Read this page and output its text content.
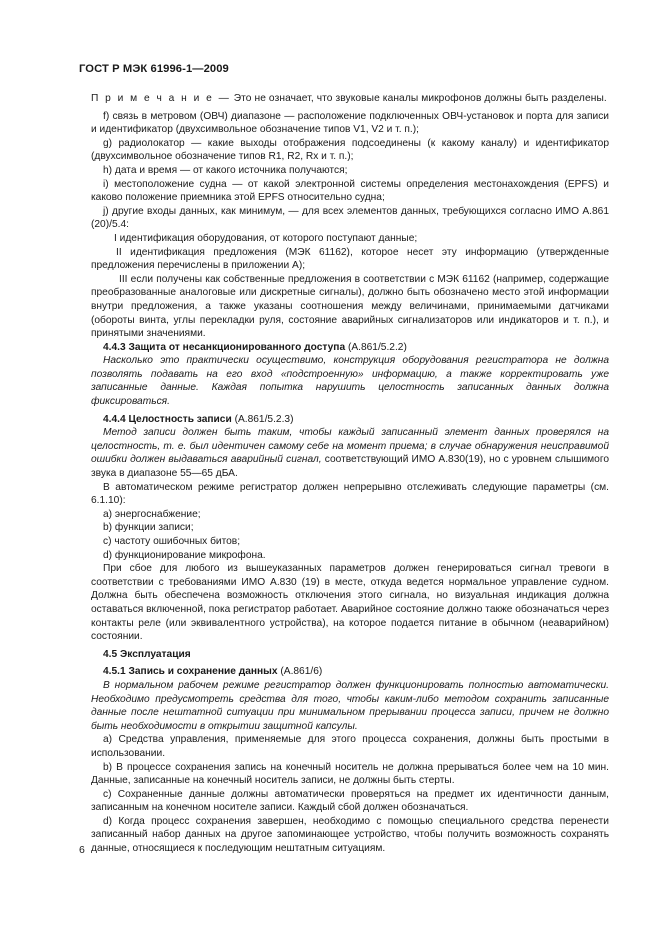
ГОСТ Р МЭК 61996-1—2009

П р и м е ч а н и е — Это не означает, что звуковые каналы микрофонов должны быть разделены.

f) связь в метровом (ОВЧ) диапазоне — расположение подключенных ОВЧ-установок и порта для записи и идентификатор (двухсимвольное обозначение типов V1, V2 и т. п.);

g) радиолокатор — какие выходы отображения подсоединены (к какому каналу) и идентификатор (двухсимвольное обозначение типов R1, R2, Rx и т. п.);

h) дата и время — от какого источника получаются;

i) местоположение судна — от какой электронной системы определения местонахождения (EPFS) и каково положение приемника этой EPFS относительно судна;

j) другие входы данных, как минимум, — для всех элементов данных, требующихся согласно ИМО А.861 (20)/5.4:

I идентификация оборудования, от которого поступают данные;

II идентификация предложения (МЭК 61162), которое несет эту информацию (утвержденные предложения перечислены в приложении А);

III если получены как собственные предложения в соответствии с МЭК 61162 (например, содержащие преобразованные аналоговые или дискретные сигналы), должно быть обозначено место этой информации внутри предложения, а также указаны соотношения между величинами, принимаемыми датчиками (обороты винта, углы перекладки руля, состояние аварийных сигнализаторов или индикаторов и т. п.), и принятыми значениями.

4.4.3 Защита от несанкционированного доступа (А.861/5.2.2)

Насколько это практически осуществимо, конструкция оборудования регистратора не должна позволять подавать на его вход «подстроенную» информацию, а также корректировать уже записанные данные. Каждая попытка нарушить целостность записанных данных должна фиксироваться.

4.4.4 Целостность записи (А.861/5.2.3)

Метод записи должен быть таким, чтобы каждый записанный элемент данных проверялся на целостность, т. е. был идентичен самому себе на момент приема; в случае обнаружения неисправимой ошибки должен выдаваться аварийный сигнал, соответствующий ИМО А.830(19), но с уровнем слышимого звука в диапазоне 55—65 дБА.

В автоматическом режиме регистратор должен непрерывно отслеживать следующие параметры (см. 6.1.10):

a) энергоснабжение;

b) функции записи;

c) частоту ошибочных битов;

d) функционирование микрофона.

При сбое для любого из вышеуказанных параметров должен генерироваться сигнал тревоги в соответствии с требованиями ИМО А.830 (19) в месте, откуда ведется нормальное управление судном. Должна быть обеспечена возможность отключения этого сигнала, но визуальная индикация должна оставаться включенной, пока регистратор работает. Аварийное состояние должно также обозначаться через контакты реле (или эквивалентного устройства), на которое подается питание в обычном (неаварийном) состоянии.

4.5 Эксплуатация

4.5.1 Запись и сохранение данных (А.861/6)

В нормальном рабочем режиме регистратор должен функционировать полностью автоматически. Необходимо предусмотреть средства для того, чтобы каким-либо методом сохранить записанные данные после нештатной ситуации при минимальном прерывании процесса записи, причем не должно быть необходимости в открытии защитной капсулы.

a) Средства управления, применяемые для этого процесса сохранения, должны быть простыми в использовании.

b) В процессе сохранения запись на конечный носитель не должна прерываться более чем на 10 мин. Данные, записанные на конечный носитель записи, не должны быть стерты.

c) Сохраненные данные должны автоматически проверяться на предмет их идентичности данным, записанным на конечном носителе записи. Каждый сбой должен обозначаться.

d) Когда процесс сохранения завершен, необходимо с помощью специального средства перенести записанный набор данных на другое запоминающее устройство, чтобы получить возможность сохранять данные, относящиеся к последующим нештатным ситуациям.

6
